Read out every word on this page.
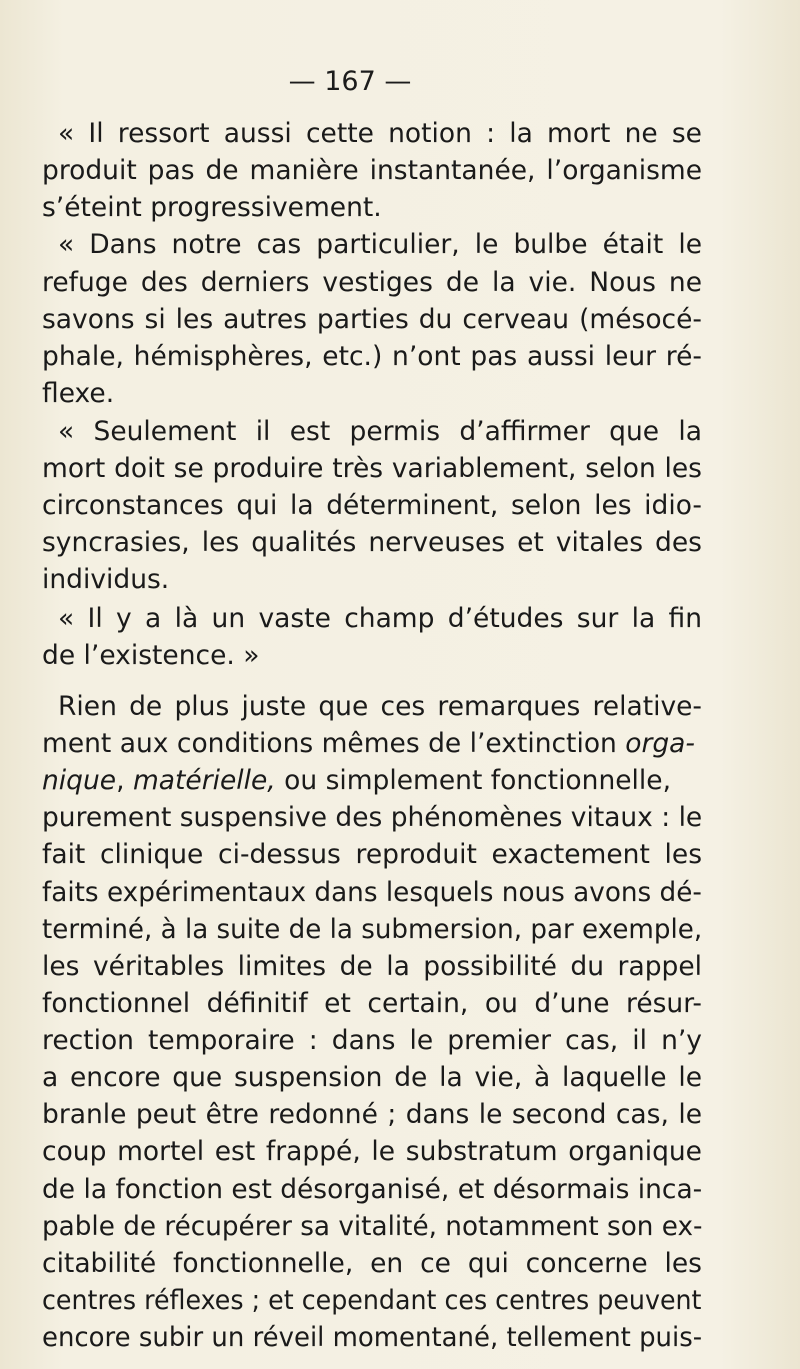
— 167 —
« Il ressort aussi cette notion : la mort ne se
produit pas de manière instantanée, l’organisme
s’éteint progressivement.
« Dans notre cas particulier, le bulbe était le
refuge des derniers vestiges de la vie. Nous ne
savons si les autres parties du cerveau (mésocé-
phale, hémisphères, etc.) n’ont pas aussi leur ré-
flexe.
« Seulement il est permis d’affirmer que la
mort doit se produire très variablement, selon les
circonstances qui la déterminent, selon les idio-
syncrasies, les qualités nerveuses et vitales des
individus.
« Il y a là un vaste champ d’études sur la fin
de l’existence. »
Rien de plus juste que ces remarques relative-
ment aux conditions mêmes de l’extinction orga-
nique, matérielle, ou simplement fonctionnelle,
purement suspensive des phénomènes vitaux : le
fait clinique ci-dessus reproduit exactement les
faits expérimentaux dans lesquels nous avons dé-
terminé, à la suite de la submersion, par exemple,
les véritables limites de la possibilité du rappel
fonctionnel définitif et certain, ou d’une résur-
rection temporaire : dans le premier cas, il n’y
a encore que suspension de la vie, à laquelle le
branle peut être redonné ; dans le second cas, le
coup mortel est frappé, le substratum organique
de la fonction est désorganisé, et désormais inca-
pable de récupérer sa vitalité, notamment son ex-
citabilité fonctionnelle, en ce qui concerne les
centres réflexes ; et cependant ces centres peuvent
encore subir un réveil momentané, tellement puis-
